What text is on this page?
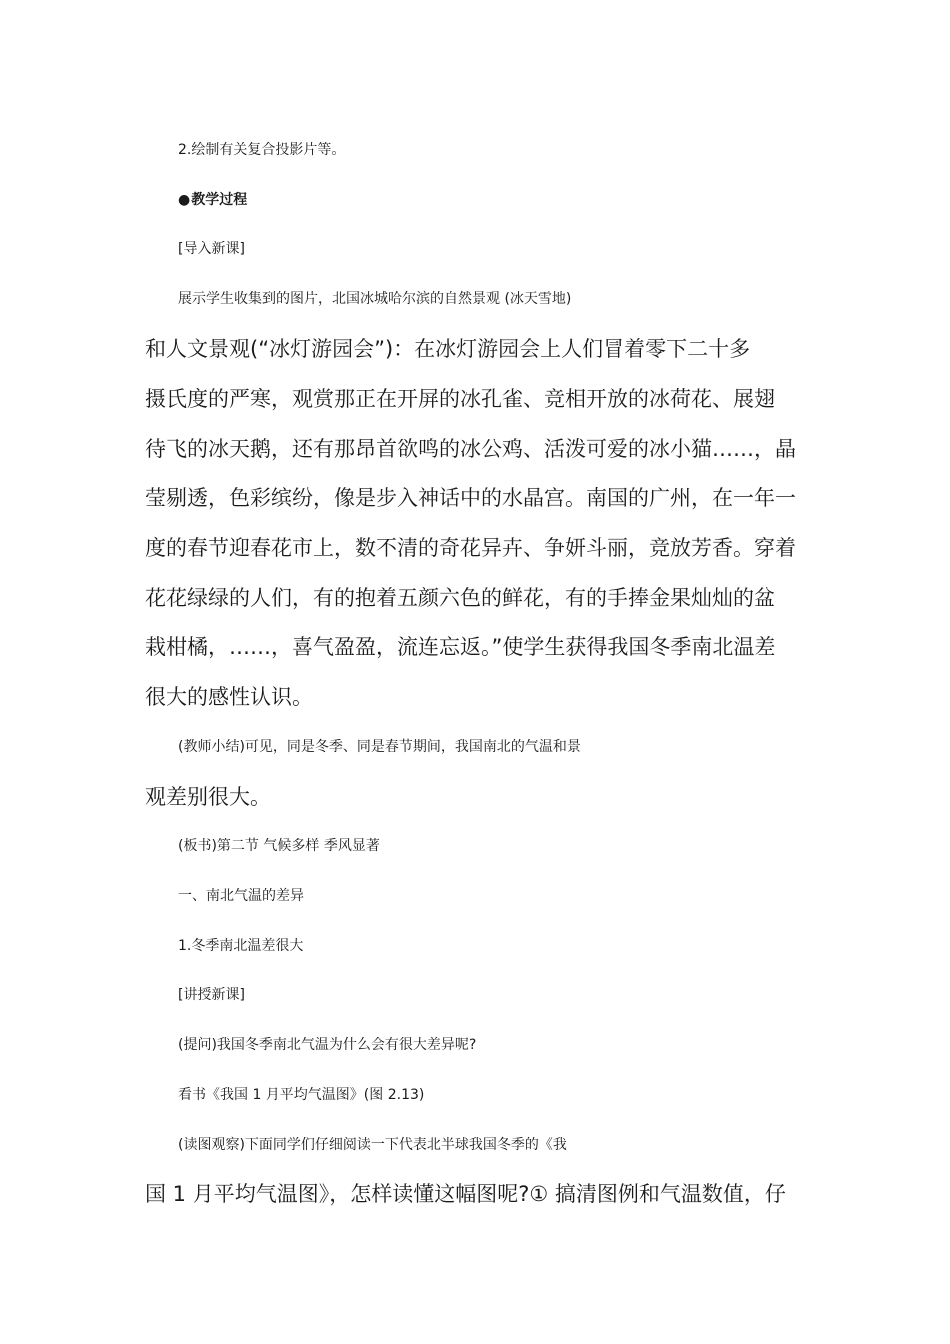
2.绘制有关复合投影片等。
●教学过程
[导入新课]
展示学生收集到的图片，北国冰城哈尔滨的自然景观 (冰天雪地)
和人文景观(“冰灯游园会”)：在冰灯游园会上人们冒着零下二十多
摄氏度的严寒，观赏那正在开屏的冰孔雀、竞相开放的冰荷花、展翅
待飞的冰天鹅，还有那昂首欲鸣的冰公鸡、活泼可爱的冰小猫……，晶
莹剔透，色彩缤纷，像是步入神话中的水晶宫。南国的广州，在一年一
度的春节迎春花市上，数不清的奇花异卉、争妍斗丽，竞放芳香。穿着
花花绿绿的人们，有的抱着五颜六色的鲜花，有的手捧金果灿灿的盆
栽柑橘，……，喜气盈盈，流连忘返。”使学生获得我国冬季南北温差
很大的感性认识。
(教师小结)可见，同是冬季、同是春节期间，我国南北的气温和景
观差别很大。
(板书)第二节 气候多样 季风显著
一、南北气温的差异
1.冬季南北温差很大
[讲授新课]
(提问)我国冬季南北气温为什么会有很大差异呢?
看书《我国 1 月平均气温图》(图 2.13)
(读图观察)下面同学们仔细阅读一下代表北半球我国冬季的《我
国 1 月平均气温图》，怎样读懂这幅图呢?① 搞清图例和气温数值，仔
